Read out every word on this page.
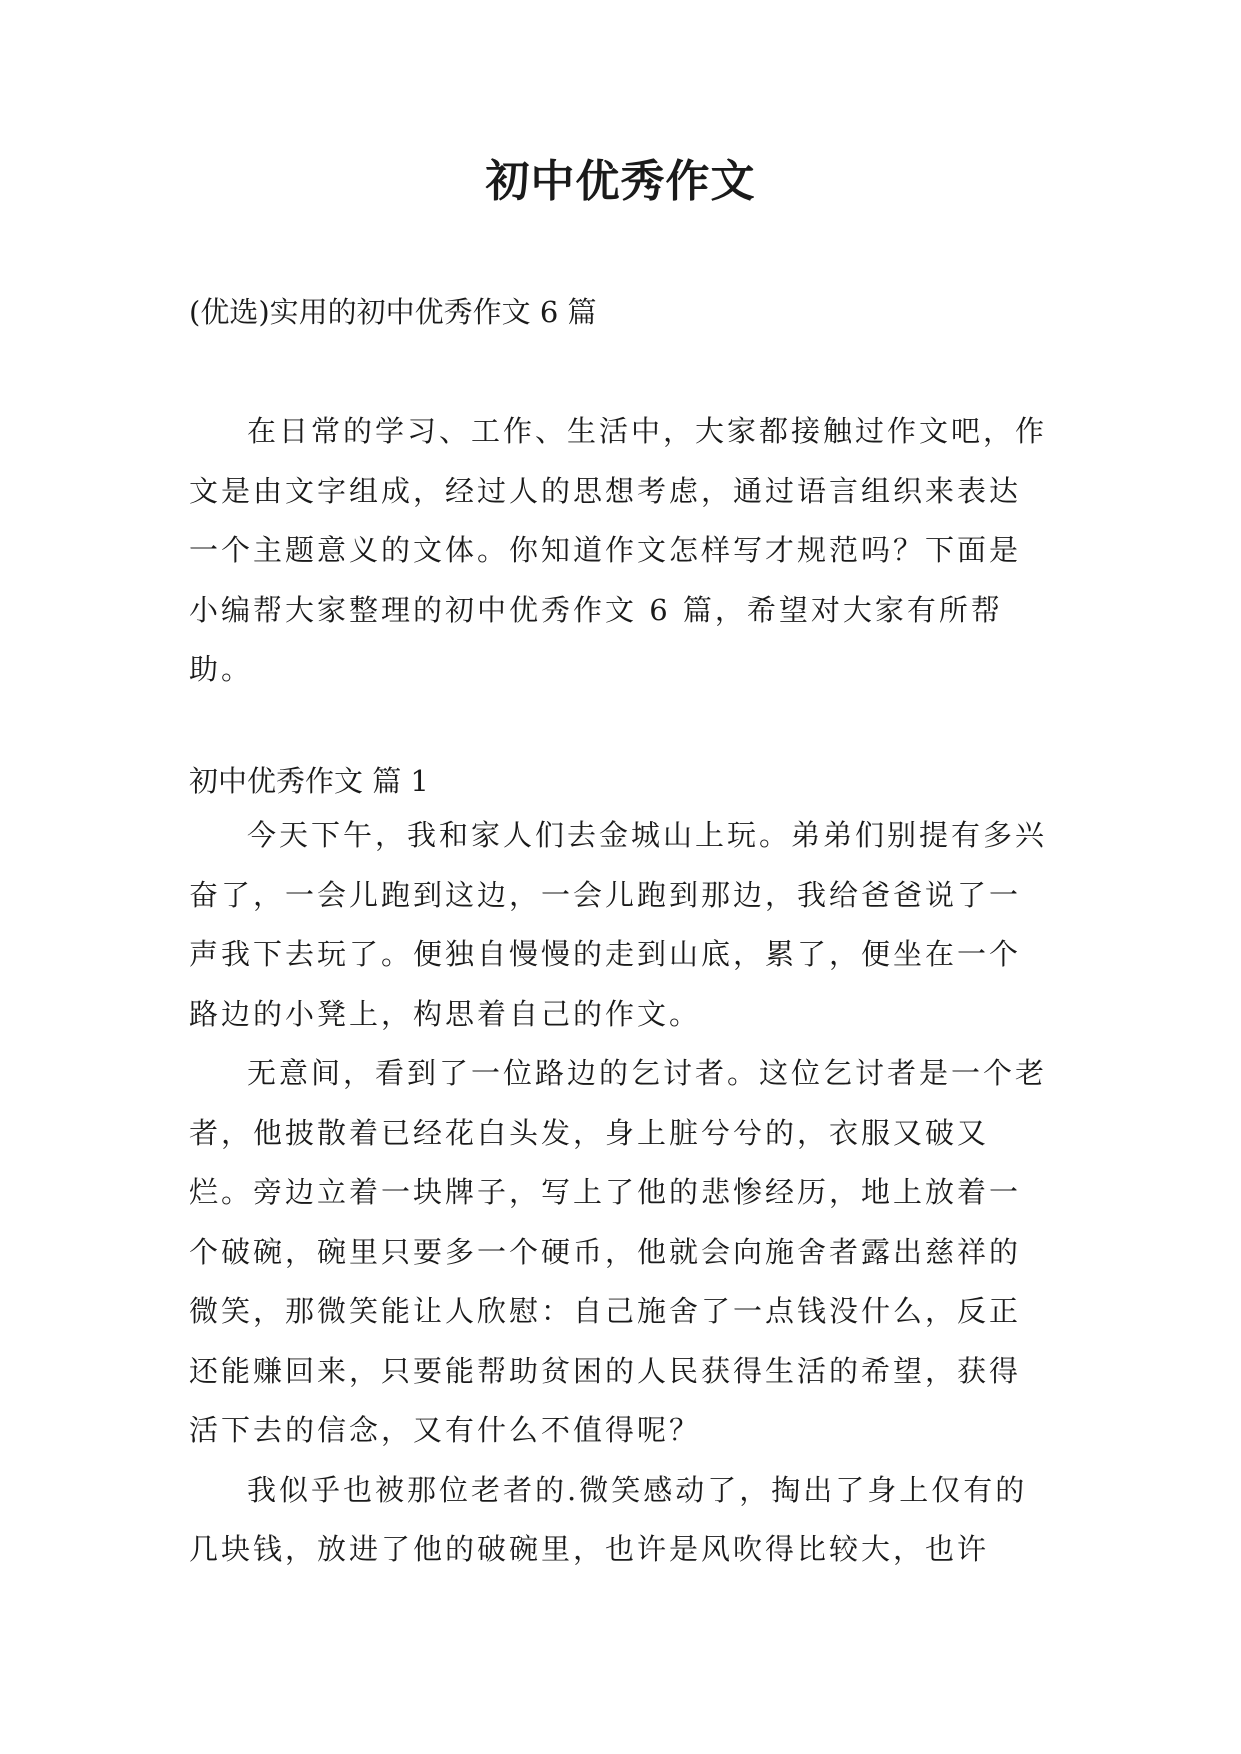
初中优秀作文
(优选)实用的初中优秀作文 6 篇

在日常的学习、工作、生活中，大家都接触过作文吧，作文是由文字组成，经过人的思想考虑，通过语言组织来表达一个主题意义的文体。你知道作文怎样写才规范吗？下面是小编帮大家整理的初中优秀作文 6 篇，希望对大家有所帮助。

初中优秀作文 篇 1

今天下午，我和家人们去金城山上玩。弟弟们别提有多兴奋了，一会儿跑到这边，一会儿跑到那边，我给爸爸说了一声我下去玩了。便独自慢慢的走到山底，累了，便坐在一个路边的小凳上，构思着自己的作文。

无意间，看到了一位路边的乞讨者。这位乞讨者是一个老者，他披散着已经花白头发，身上脏兮兮的，衣服又破又烂。旁边立着一块牌子，写上了他的悲惨经历，地上放着一个破碗，碗里只要多一个硬币，他就会向施舍者露出慈祥的微笑，那微笑能让人欣慰：自己施舍了一点钱没什么，反正还能赚回来，只要能帮助贫困的人民获得生活的希望，获得活下去的信念，又有什么不值得呢？

我似乎也被那位老者的.微笑感动了，掏出了身上仅有的几块钱，放进了他的破碗里，也许是风吹得比较大，也许
